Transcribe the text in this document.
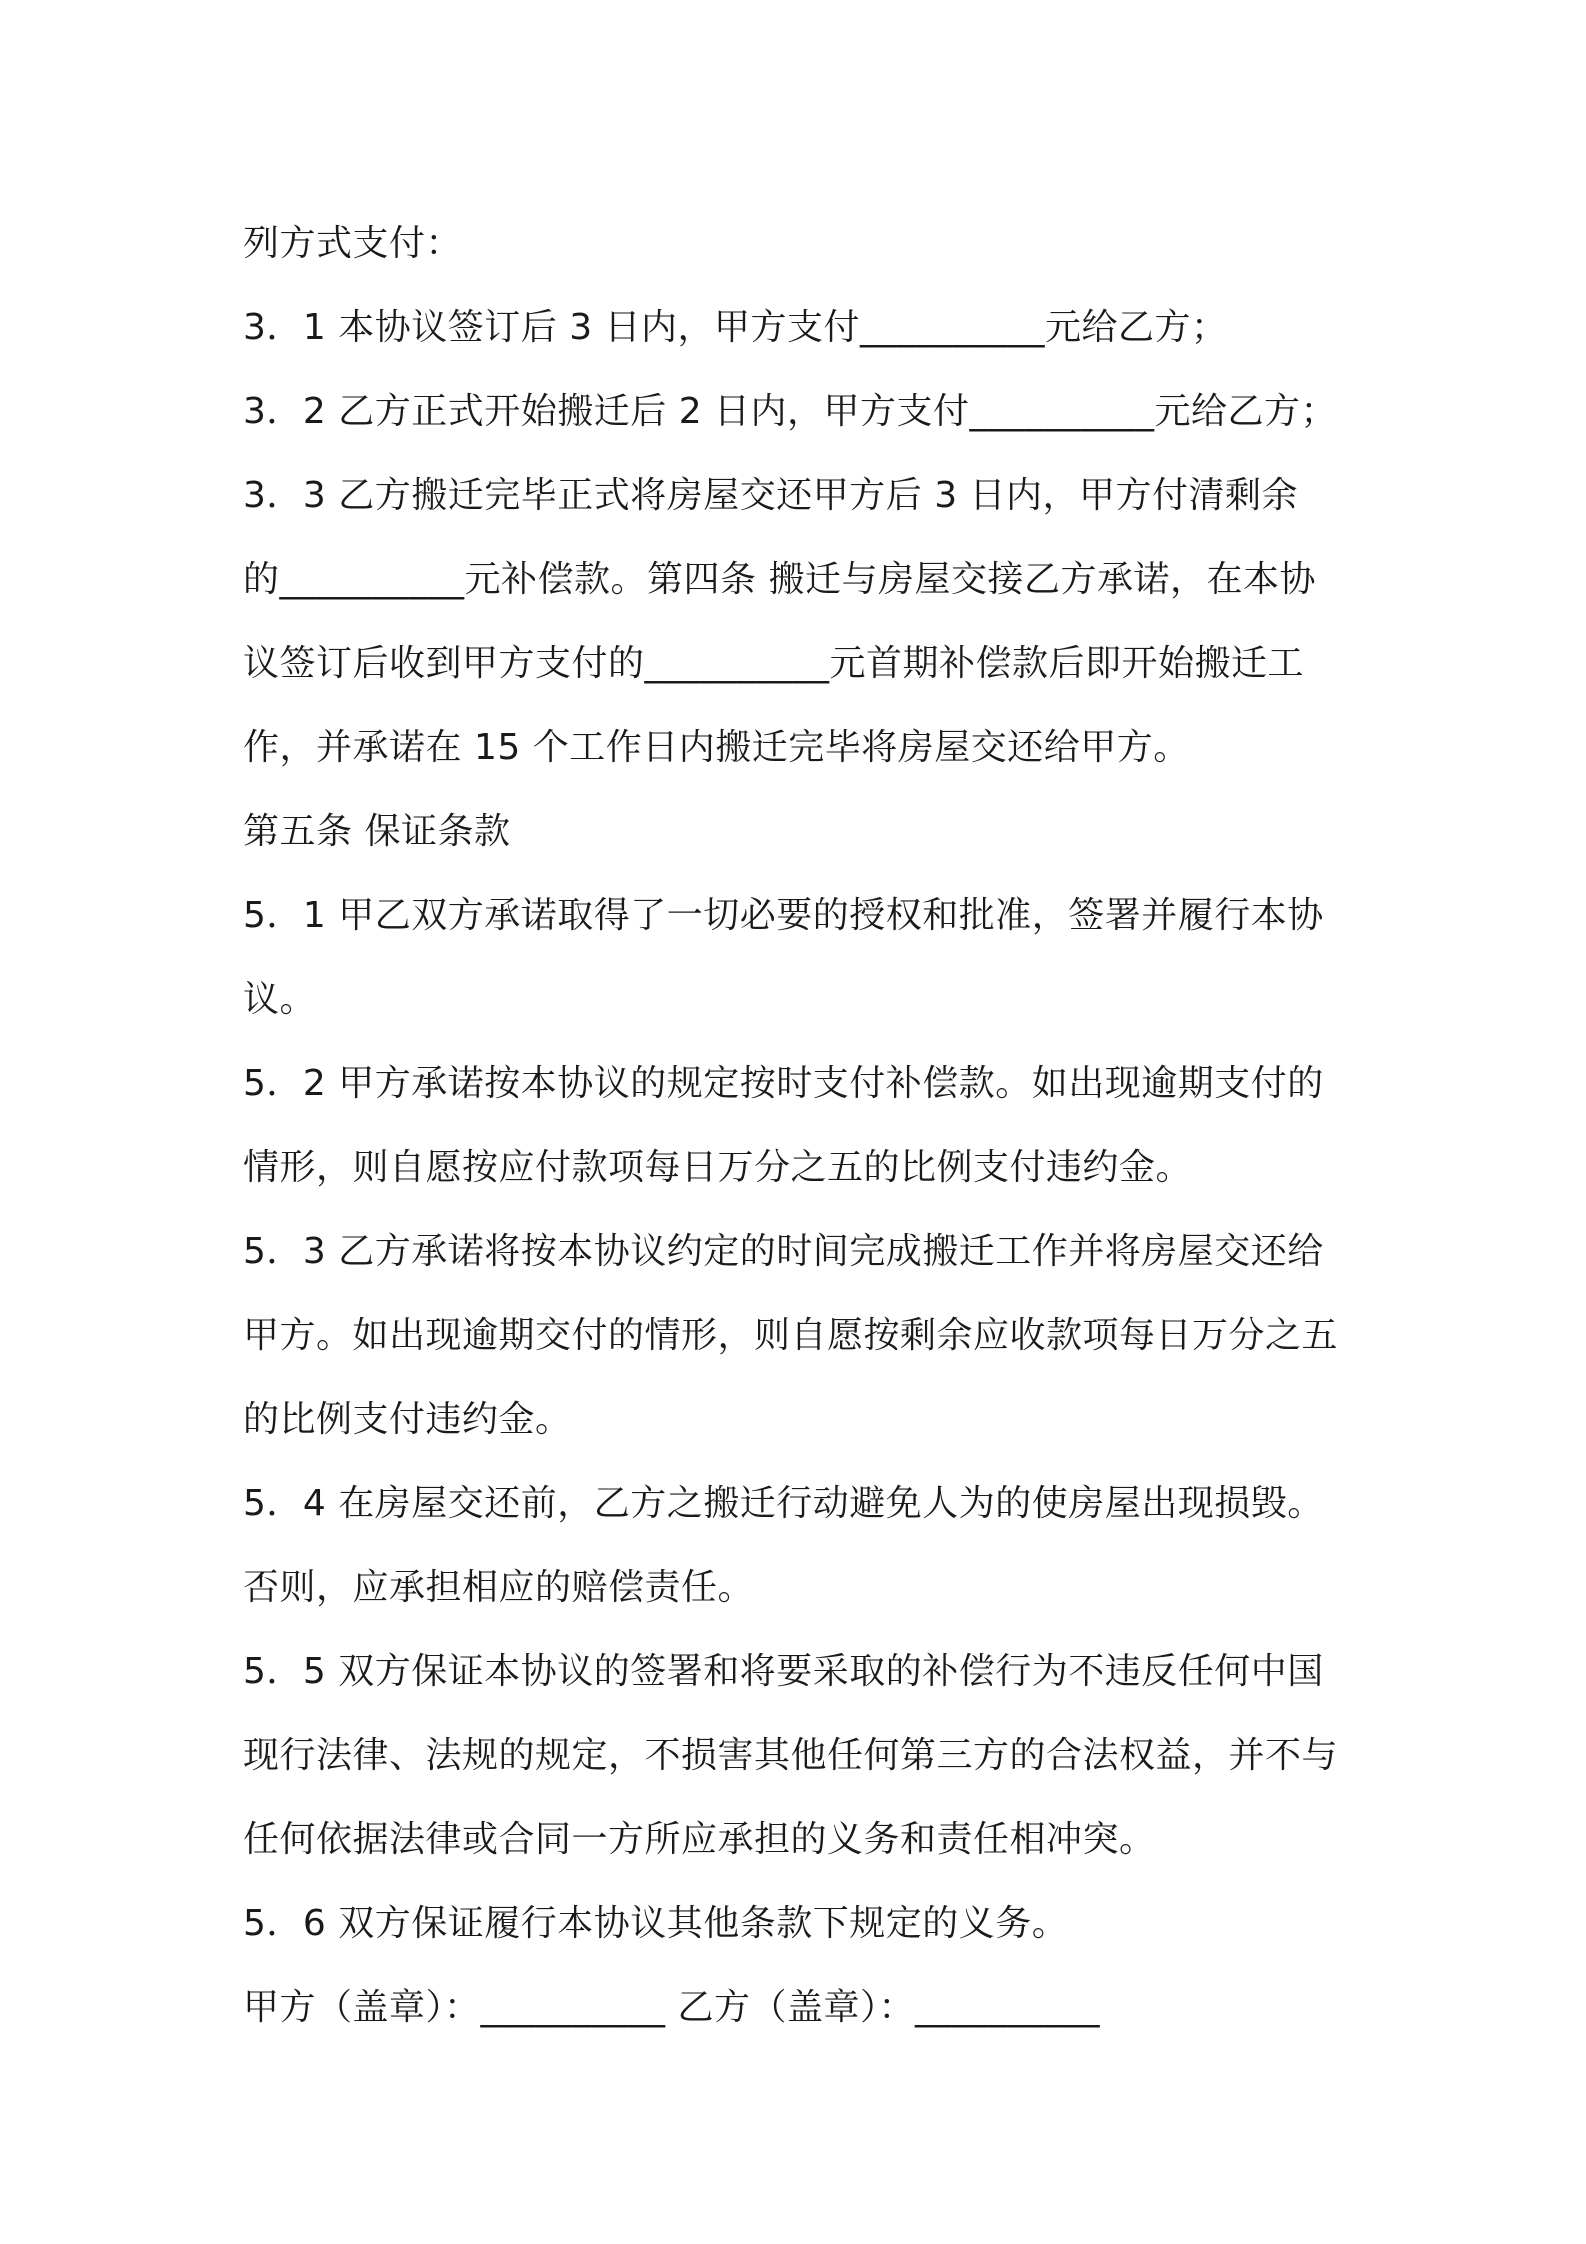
列方式支付：
3．1 本协议签订后 3 日内，甲方支付__________元给乙方；
3．2 乙方正式开始搬迁后 2 日内，甲方支付__________元给乙方；
3．3 乙方搬迁完毕正式将房屋交还甲方后 3 日内，甲方付清剩余
的__________元补偿款。第四条 搬迁与房屋交接乙方承诺，在本协
议签订后收到甲方支付的__________元首期补偿款后即开始搬迁工
作，并承诺在 15 个工作日内搬迁完毕将房屋交还给甲方。
第五条 保证条款
5．1 甲乙双方承诺取得了一切必要的授权和批准，签署并履行本协
议。
5．2 甲方承诺按本协议的规定按时支付补偿款。如出现逾期支付的
情形，则自愿按应付款项每日万分之五的比例支付违约金。
5．3 乙方承诺将按本协议约定的时间完成搬迁工作并将房屋交还给
甲方。如出现逾期交付的情形，则自愿按剩余应收款项每日万分之五
的比例支付违约金。
5．4 在房屋交还前，乙方之搬迁行动避免人为的使房屋出现损毁。
否则，应承担相应的赔偿责任。
5．5 双方保证本协议的签署和将要采取的补偿行为不违反任何中国
现行法律、法规的规定，不损害其他任何第三方的合法权益，并不与
任何依据法律或合同一方所应承担的义务和责任相冲突。
5．6 双方保证履行本协议其他条款下规定的义务。
甲方（盖章）：__________ 乙方（盖章）：__________
